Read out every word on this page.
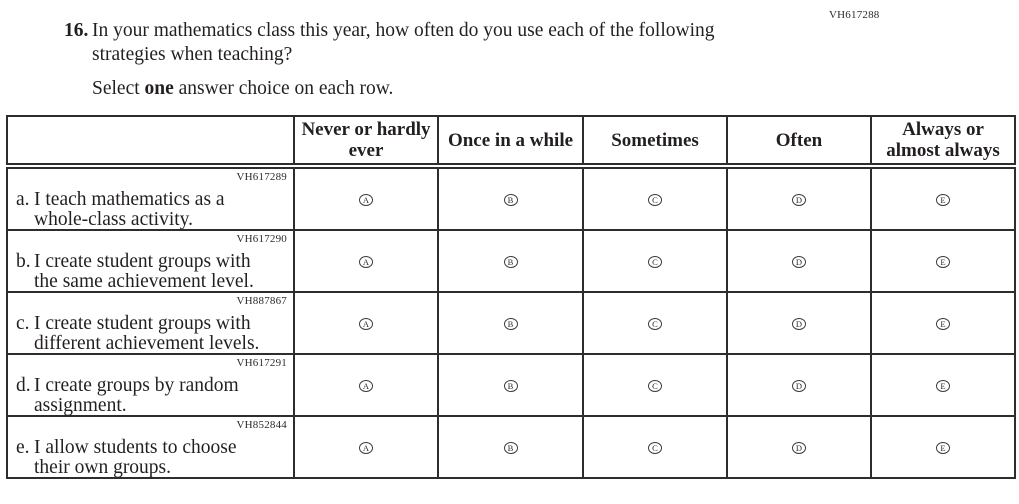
VH617288
16. In your mathematics class this year, how often do you use each of the following strategies when teaching?
Select one answer choice on each row.
	Never or hardly ever	Once in a while	Sometimes	Often	Always or almost always

VH617289
a. I teach mathematics as a whole-class activity.	A	B	C	D	E

VH617290
b. I create student groups with the same achievement level.	A	B	C	D	E

VH887867
c. I create student groups with different achievement levels.	A	B	C	D	E

VH617291
d. I create groups by random assignment.	A	B	C	D	E

VH852844
e. I allow students to choose their own groups.	A	B	C	D	E
